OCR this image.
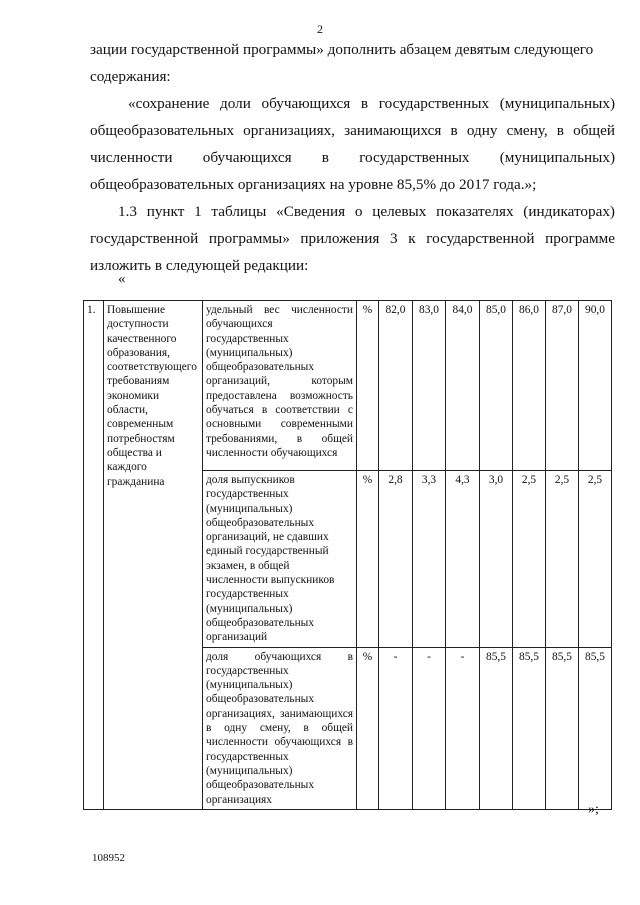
2

зации государственной программы» дополнить абзацем девятым следующего содержания:

«сохранение доли обучающихся в государственных (муниципальных) общеобразовательных организациях, занимающихся в одну смену, в общей численности обучающихся в государственных (муниципальных) общеобразовательных организациях на уровне 85,5% до 2017 года.»;

1.3 пункт 1 таблицы «Сведения о целевых показателях (индикаторах) государственной программы» приложения 3 к государственной программе изложить в следующей редакции:

«
1.	Повышение доступности качественного образования, соответствующего требованиям экономики области, современным потребностям общества и каждого гражданина	удельный вес численности обучающихся государственных (муниципальных) общеобразовательных организаций, которым предоставлена возможность обучаться в соответствии с основными современными требованиями, в общей численности обучающихся	%	82,0	83,0	84,0	85,0	86,0	87,0	90,0
		доля выпускников государственных (муниципальных) общеобразовательных организаций, не сдавших единый государственный экзамен, в общей численности выпускников государственных (муниципальных) общеобразовательных организаций	%	2,8	3,3	4,3	3,0	2,5	2,5	2,5
		доля обучающихся в государственных (муниципальных) общеобразовательных организациях, занимающихся в одну смену, в общей численности обучающихся в государственных (муниципальных) общеобразовательных организациях	%	-	-	-	85,5	85,5	85,5	85,5
»;
108952
